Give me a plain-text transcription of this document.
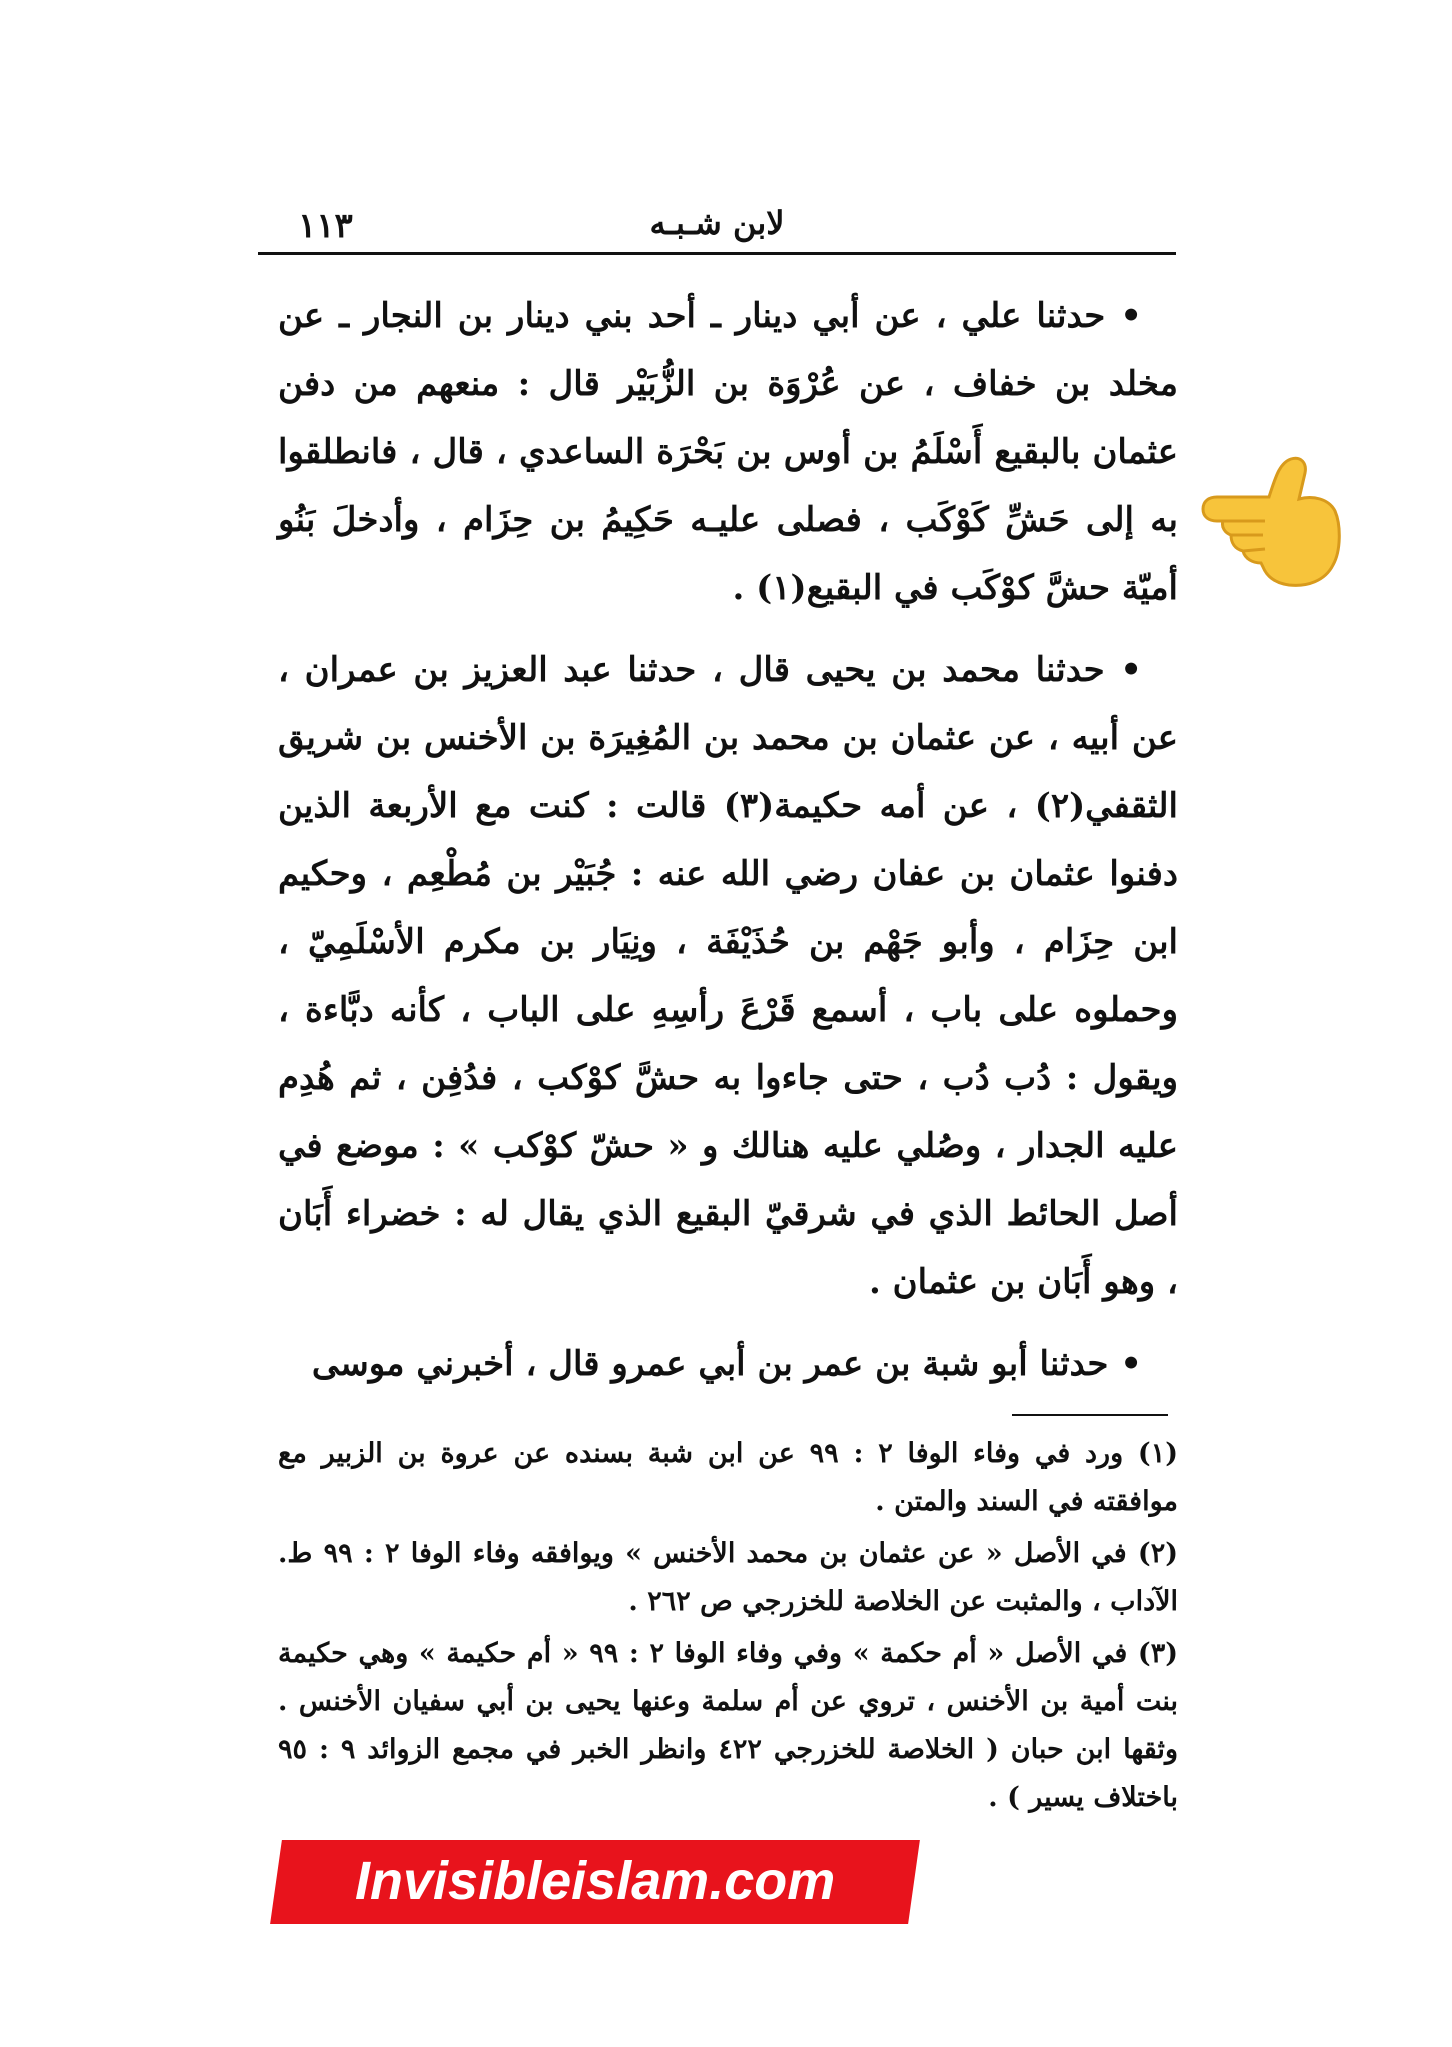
١١٣	لابن شـبـه

• حدثنا علي ، عن أبي دينار ـ أحد بني دينار بن النجار ـ عن مخلد بن خفاف ، عن عُرْوَة بن الزُّبَيْر قال : منعهم من دفن عثمان بالبقيع أَسْلَمُ بن أوس بن بَحْرَة الساعدي ، قال ، فانطلقوا به إلى حَشِّ كَوْكَب ، فصلى عليـه حَكِيمُ بن حِزَام ، وأدخلَ بَنُو أميّة حشَّ كوْكَب في البقيع(١) .

• حدثنا محمد بن يحيى قال ، حدثنا عبد العزيز بن عمران ، عن أبيه ، عن عثمان بن محمد بن المُغِيرَة بن الأخنس بن شريق الثقفي(٢) ، عن أمه حكيمة(٣) قالت : كنت مع الأربعة الذين دفنوا عثمان بن عفان رضي الله عنه : جُبَيْر بن مُطْعِم ، وحكيم ابن حِزَام ، وأبو جَهْم بن حُذَيْفَة ، ونِيَار بن مكرم الأسْلَمِيّ ، وحملوه على باب ، أسمع قَرْعَ رأسِهِ على الباب ، كأنه دبَّاءة ، ويقول : دُب دُب ، حتى جاءوا به حشَّ كوْكب ، فدُفِن ، ثم هُدِم عليه الجدار ، وصُلي عليه هنالك و « حشّ كوْكب » : موضع في أصل الحائط الذي في شرقيّ البقيع الذي يقال له : خضراء أَبَان ، وهو أَبَان بن عثمان .

• حدثنا أبو شبة بن عمر بن أبي عمرو قال ، أخبرني موسى

(١) ورد في وفاء الوفا ٢ : ٩٩ عن ابن شبة بسنده عن عروة بن الزبير مع موافقته في السند والمتن .

(٢) في الأصل « عن عثمان بن محمد الأخنس » ويوافقه وفاء الوفا ٢ : ٩٩ ط. الآداب ، والمثبت عن الخلاصة للخزرجي ص ٢٦٢ .

(٣) في الأصل « أم حكمة » وفي وفاء الوفا ٢ : ٩٩ « أم حكيمة » وهي حكيمة بنت أمية بن الأخنس ، تروي عن أم سلمة وعنها يحيى بن أبي سفيان الأخنس . وثقها ابن حبان ( الخلاصة للخزرجي ٤٢٢ وانظر الخبر في مجمع الزوائد ٩ : ٩٥ باختلاف يسير ) .

Invisibleislam.com
